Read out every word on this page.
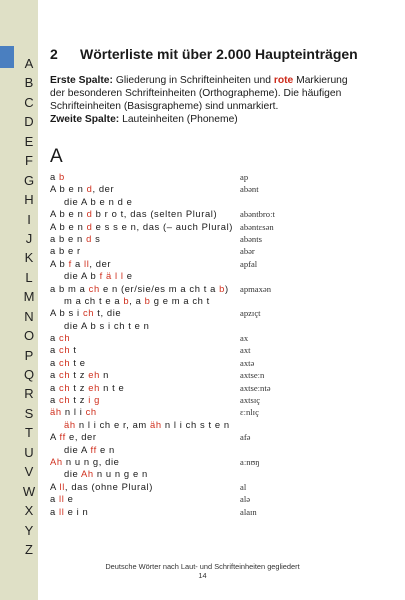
A
B
C
D
E
F
G
H
I
J
K
L
M
N
O
P
Q
R
S
T
U
V
W
X
Y
Z
2 Wörterliste mit über 2.000 Haupteinträgen
Erste Spalte: Gliederung in Schrifteinheiten und rote Markierung
der besonderen Schrifteinheiten (Orthographeme). Die häufigen
Schrifteinheiten (Basisgrapheme) sind unmarkiert.
Zweite Spalte: Lauteinheiten (Phoneme)
A
a b	ap
A b e n d, der	abənt
die A b e n d e
A b e n d b r o t, das (selten Plural)	abəntbroːt
A b e n d e s s e n, das (– auch Plural) abəntɛsən
a b e n d s	abənts
a b e r	abər
A b f a ll, der	apfal
die A b f ä l l e
a b m a ch e n (er/sie/es m a ch t a b) apmaxən
m a ch t e a b, a b g e m a ch t
A b s i ch t, die	apzɪçt
die A b s i ch t e n
a ch	ax
a ch t	axt
a ch t e	axtə
a ch t z eh n	axtseːn
a ch t z eh n t e	axtseːntə
a ch t z i g	axtsɪç
äh n l i ch	ɛːnlɪç
äh n l i ch e r, am äh n l i ch s t e n
A ff e, der	afə
die A ff e n
Ah n u n g, die	aːnʊŋ
die Ah n u n g e n
A ll, das (ohne Plural)	al
a ll e	alə
a ll e i n	alaɪn
Deutsche Wörter nach Laut- und Schrifteinheiten gegliedert
14
